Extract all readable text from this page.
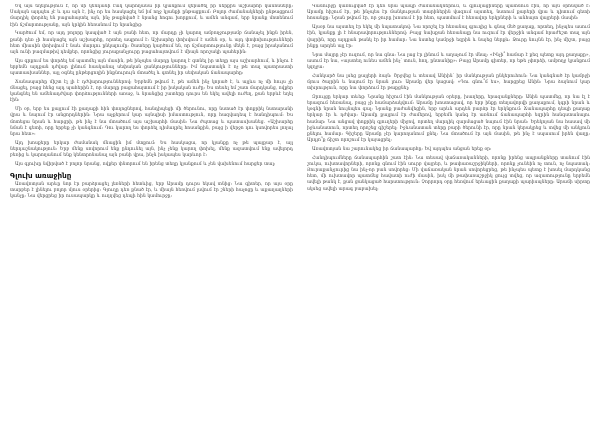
Եվ այս եղելություն է, որ մի կենդանի էակ կարողանա իր կյանքում վերածել իր ներքին աշխարհի կանոնները։ Սակայն այդպես չէ և դա այն է, ինչ որ ես հասկացել եմ իմ ողջ կյանքի ընթացքում։ Բոլոր ժամանակների ընթացքում մարդիկ փորձել են բացահայտել այն, ինչ թաքնված է նրանց հոգու խորքում, և ամեն անգամ, երբ նրանք մոտենում էին ճշմարտությանը, այն կրկին հեռանում էր նրանցից։

Կարծում եմ, որ այդ բոլորը կապված է այն բանի հետ, որ մարդը չի կարող ամբողջությամբ ճանաչել ինքն իրեն, քանի դեռ չի հասկացել այն աշխարհը, որտեղ ապրում է։ Աշխարհը փոխվում է ամեն օր, և այդ փոփոխությունների հետ միասին փոխվում է նաև մարդու ընկալումը։ Շատերը կարծում են, որ ճշմարտությունը մեկն է, բայց իրականում այն ունի բազմաթիվ դեմքեր, որոնցից յուրաքանչյուրը բացահայտվում է միայն որոշակի պահերին։

Այս գրքում ես փորձել եմ պատմել այն մասին, թե ինչպես մարդը կարող է գտնել իր տեղը այս աշխարհում, և ինչու է երբեմն այդքան դժվար լինում հասկանալ սեփական ցանկությունները։ Իմ նպատակն է ոչ թե տալ պատրաստի պատասխաններ, այլ օգնել ընթերցողին ինքնուրույն մտածել և գտնել իր սեփական ճանապարհը։

Ճանապարհը միշտ էլ լի է դժվարություններով։ Երբեմն թվում է, թե ամեն ինչ կորած է, և այլևս ոչ մի հույս չի մնացել, բայց հենց այդ պահերին է, որ մարդը բացահայտում է իր իսկական ուժը։ Ես տեսել եմ շատ մարդկանց, ովքեր կանգնել են ամենադժվար փորձությունների առաջ, և նրանցից շատերը դուրս են եկել ավելի ուժեղ, քան երբևէ եղել էին։

Մի օր, երբ ես քայլում էի քաղաքի հին փողոցներով, հանդիպեցի մի ծերունու, որը նստած էր փոքրիկ նստարանի վրա և նայում էր անցորդներին։ Նրա աչքերում կար այնպիսի իմաստություն, որը հազվադեպ է հանդիպում։ Ես մոտեցա նրան և հարցրի, թե ինչ է նա մտածում այս աշխարհի մասին։ Նա ժպտաց և պատասխանեց. «Աշխարհը նման է գետի, որը երբեք չի կանգնում։ Դու կարող ես փորձել դիմադրել հոսանքին, բայց ի վերջո դու կսովորես լողալ նրա հետ»։

Այդ խոսքերը երկար ժամանակ մնացին իմ մտքում։ Ես հասկացա, որ կյանքը ոչ թե պայքար է, այլ ներդաշնակություն։ Երբ մենք սովորում ենք ընդունել այն, ինչ չենք կարող փոխել, մենք ազատվում ենք ավելորդ բեռից և կարողանում ենք կենտրոնանալ այն բանի վրա, ինչն իսկապես կարևոր է։

Այս գլուխը նվիրված է բոլոր նրանց, ովքեր փնտրում են իրենց տեղը կյանքում և չեն վախենում հարցեր տալ։

Գլուխ առաջինը

Առավոտյան արևը նոր էր բարձրացել լեռների հետևից, երբ Արամը դուրս եկավ տնից։ Նա գիտեր, որ այս օրը տարբեր է լինելու բոլոր մյուս օրերից։ Գյուղը դեռ քնած էր, և միայն հեռվում լսվում էր շների հաչոցը և աքաղաղների կանչը։ Նա վերցրեց իր ուսապարկը և ուղղվեց դեպի հին կամուրջը։

Կամուրջը կառուցված էր դեռ նրա պապի ժամանակներում, և գյուղացիները պատմում էին, որ այն օրհնված է։ Արամը հիշում էր, թե ինչպես էր մանկության տարիներին վազում այստեղ, նստում քարերի վրա և դիտում գետի հոսանքը։ Նրան թվում էր, որ ջուրը խոսում է իր հետ, պատմում է հեռավոր երկրների և անհայտ վայրերի մասին։

Այսօր նա այստեղ էր եկել մի նպատակով։ Նա որոշել էր հեռանալ գյուղից և գնալ մեծ քաղաք, որտեղ, ինչպես ասում էին, կյանքը լի է հնարավորություններով։ Բայց նախքան հեռանալը նա ուզում էր վերջին անգամ հրաժեշտ տալ այն վայրին, որը այդքան թանկ էր իր համար։ Նա նստեց կամրջի եզրին և նայեց ներքև։ Ջուրը նույնն էր, ինչ միշտ, բայց ինքը արդեն այլ էր։

Նրա մայրը չէր ուզում, որ նա գնա։ Նա լաց էր լինում և աղաչում էր մնալ։ «Ինչի՞ համար է քեզ պետք այդ քաղաքը», ասում էր նա, «այստեղ ունես ամեն ինչ՝ տուն, հող, ընտանիք»։ Բայց Արամը գիտեր, որ եթե չփորձի, ամբողջ կյանքում կզղջա։

Հանկարծ նա լսեց քայլերի ձայն։ Շրջվեց և տեսավ Անիին՝ իր մանկության ընկերուհուն։ Նա կանգնած էր կամրջի մյուս ծայրին և նայում էր նրան լուռ։ Արամը վեր կացավ։ «Դու գնու՞մ ես», հարցրեց Անին։ Նրա ձայնում կար տխրություն, որը նա փորձում էր թաքցնել։

Զրույցը երկար տևեց։ Նրանք հիշում էին մանկության օրերը, խաղերը, երազանքները։ Անին պատմեց, որ նա էլ է երազում հեռանալ, բայց չի համարձակվում։ Արամը խոստացավ, որ երբ ինքը տեղավորվի քաղաքում, կգրի նրան և կօգնի նրան նույնպես գալ։ Նրանք բաժանվեցին, երբ արևն արդեն բարձր էր երկնքում։ Ճանապարհը դեպի քաղաք երկար էր և դժվար։ Արամը քայլում էր ժամերով, երբեմն կանգ էր առնում ճանապարհի եզրին հանգստանալու համար։ Նա անցավ փոքրիկ գյուղերի միջով, որտեղ մարդիկ զարմացած նայում էին նրան։ Երեկոյան նա հասավ մի իջևանատուն, որտեղ որոշեց գիշերել։ Իջևանատան տերը բարի ծերունի էր, որը նրան կերակրեց և տվեց մի անկյուն քնելու համար։ Գիշերը Արամը չէր կարողանում քնել։ Նա մտածում էր այն մասին, թե ինչ է սպասում իրեն վաղը։ Արդյո՞ք ճիշտ որոշում էր կայացրել։

Առավոտյան նա շարունակեց իր ճանապարհը։ Եվ այդպես անցան երեք օր։

Հանդիպումները ճանապարհին շատ էին։ Նա տեսավ վաճառականների, որոնք իրենց ապրանքները տանում էին շուկա, ուխտավորների, որոնք գնում էին սուրբ վայրեր, և թափառաշրջիկների, որոնք չունեին ոչ տուն, ոչ նպատակ։ Յուրաքանչյուրից նա ինչ-որ բան սովորեց։ Մի վաճառական նրան սովորեցրեց, թե ինչպես պետք է խոսել մարդկանց հետ, մի ուխտավոր պատմեց հավատի ուժի մասին, իսկ մի թափառաշրջիկ ցույց տվեց, որ ազատությունը երբեմն ավելի թանկ է, քան ցանկացած հարստություն։ Չորրորդ օրը հեռվում երևացին քաղաքի պարիսպները։ Արամի սիրտը սկսեց ավելի արագ բաբախել։
